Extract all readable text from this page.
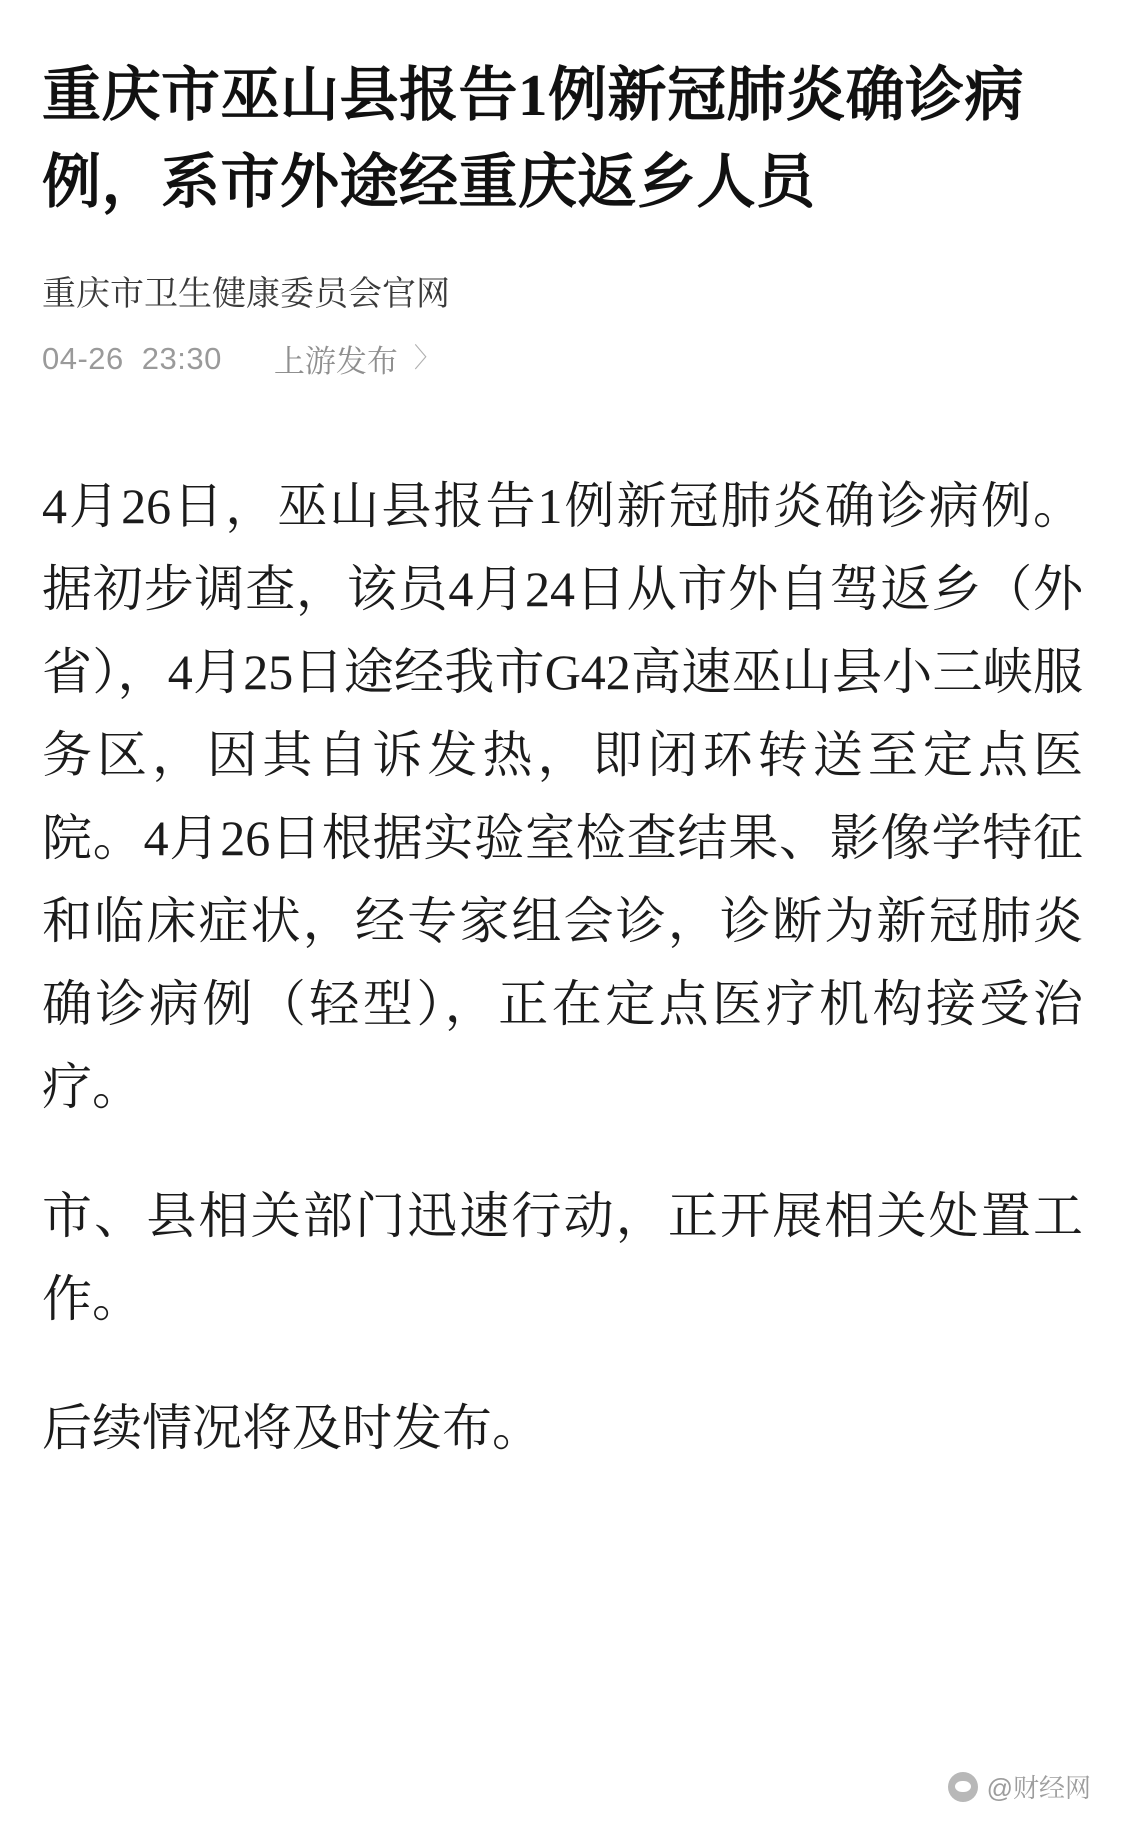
重庆市巫山县报告1例新冠肺炎确诊病例，系市外途经重庆返乡人员
重庆市卫生健康委员会官网
04-26 23:30 上游发布 〉

4月26日，巫山县报告1例新冠肺炎确诊病例。据初步调查，该员4月24日从市外自驾返乡（外省），4月25日途经我市G42高速巫山县小三峡服务区，因其自诉发热，即闭环转送至定点医院。4月26日根据实验室检查结果、影像学特征和临床症状，经专家组会诊，诊断为新冠肺炎确诊病例（轻型），正在定点医疗机构接受治疗。

市、县相关部门迅速行动，正开展相关处置工作。

后续情况将及时发布。

@财经网
